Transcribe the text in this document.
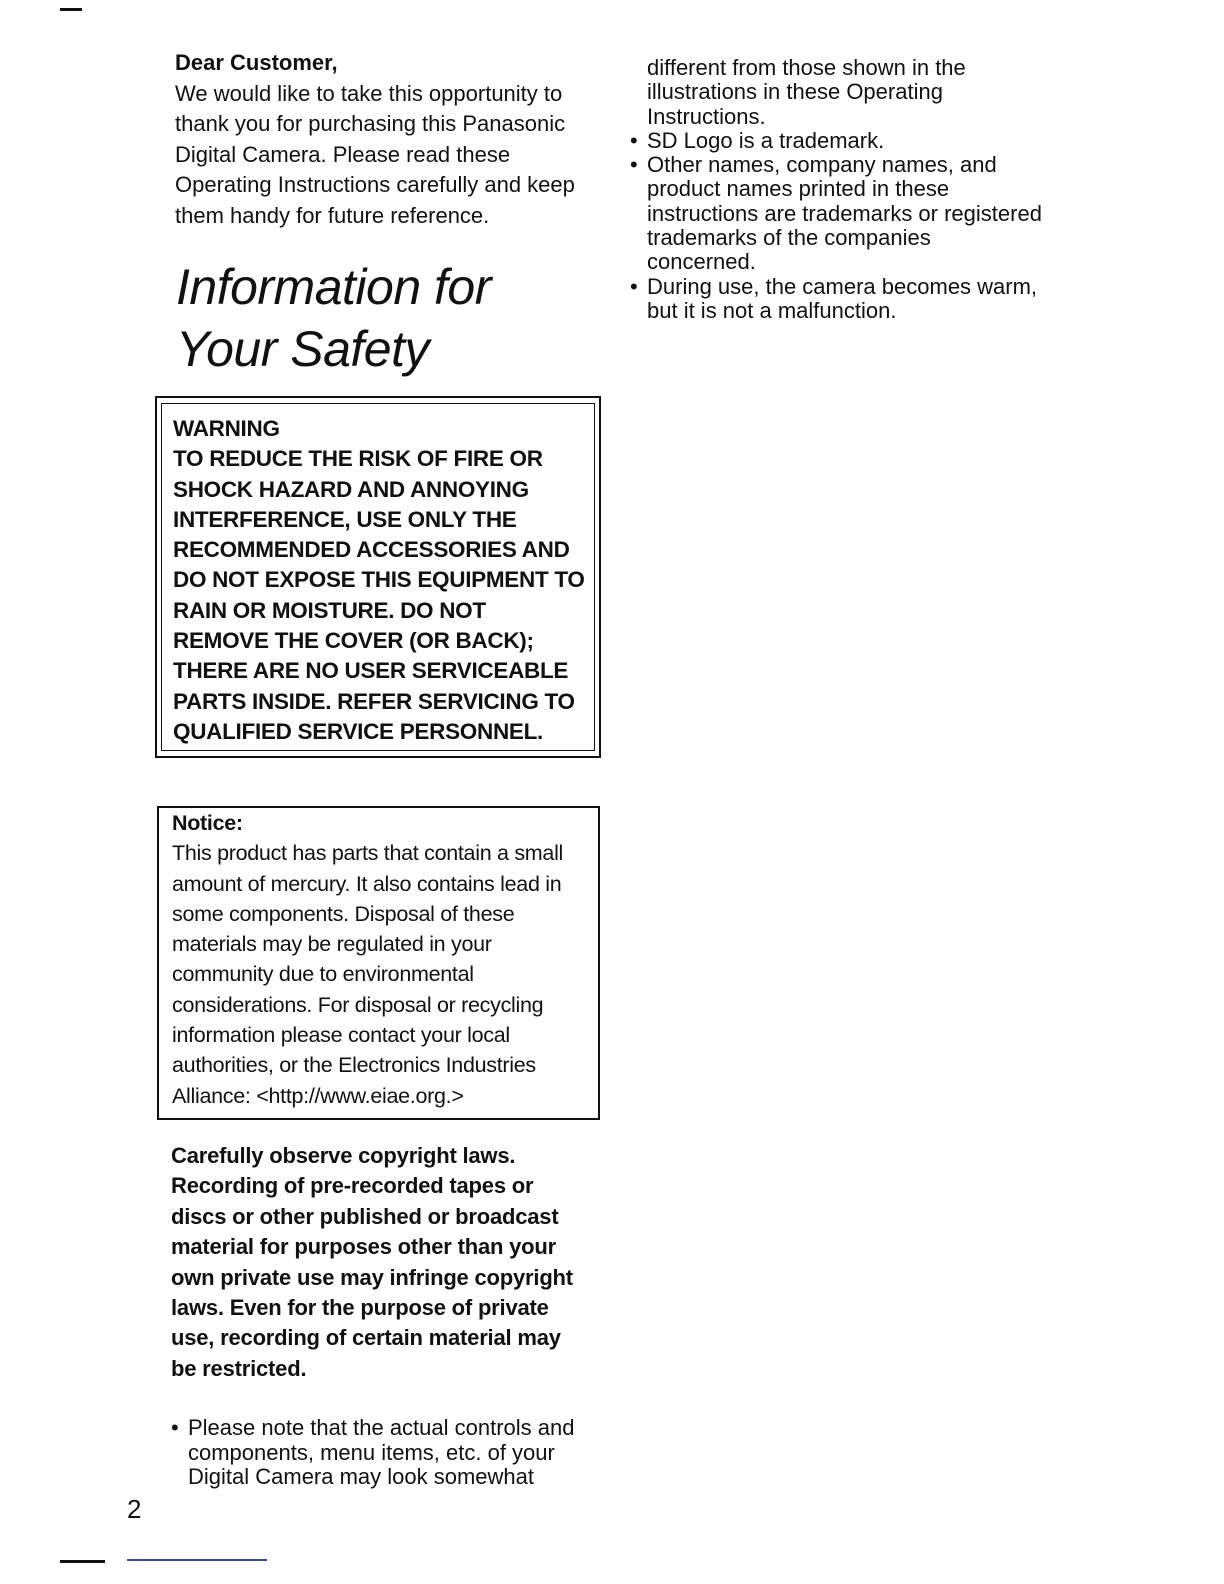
Dear Customer,
We would like to take this opportunity to thank you for purchasing this Panasonic Digital Camera. Please read these Operating Instructions carefully and keep them handy for future reference.
Information for
Your Safety
WARNING
TO REDUCE THE RISK OF FIRE OR
SHOCK HAZARD AND ANNOYING
INTERFERENCE, USE ONLY THE
RECOMMENDED ACCESSORIES AND
DO NOT EXPOSE THIS EQUIPMENT TO
RAIN OR MOISTURE. DO NOT
REMOVE THE COVER (OR BACK);
THERE ARE NO USER SERVICEABLE
PARTS INSIDE. REFER SERVICING TO
QUALIFIED SERVICE PERSONNEL.
Notice:
This product has parts that contain a small
amount of mercury. It also contains lead in
some components. Disposal of these
materials may be regulated in your
community due to environmental
considerations. For disposal or recycling
information please contact your local
authorities, or the Electronics Industries
Alliance: <http://www.eiae.org.>
Carefully observe copyright laws.
Recording of pre-recorded tapes or
discs or other published or broadcast
material for purposes other than your
own private use may infringe copyright
laws. Even for the purpose of private
use, recording of certain material may
be restricted.
• Please note that the actual controls and
components, menu items, etc. of your
Digital Camera may look somewhat
2
different from those shown in the
illustrations in these Operating
Instructions.
• SD Logo is a trademark.
• Other names, company names, and
product names printed in these
instructions are trademarks or registered
trademarks of the companies
concerned.
• During use, the camera becomes warm,
but it is not a malfunction.
